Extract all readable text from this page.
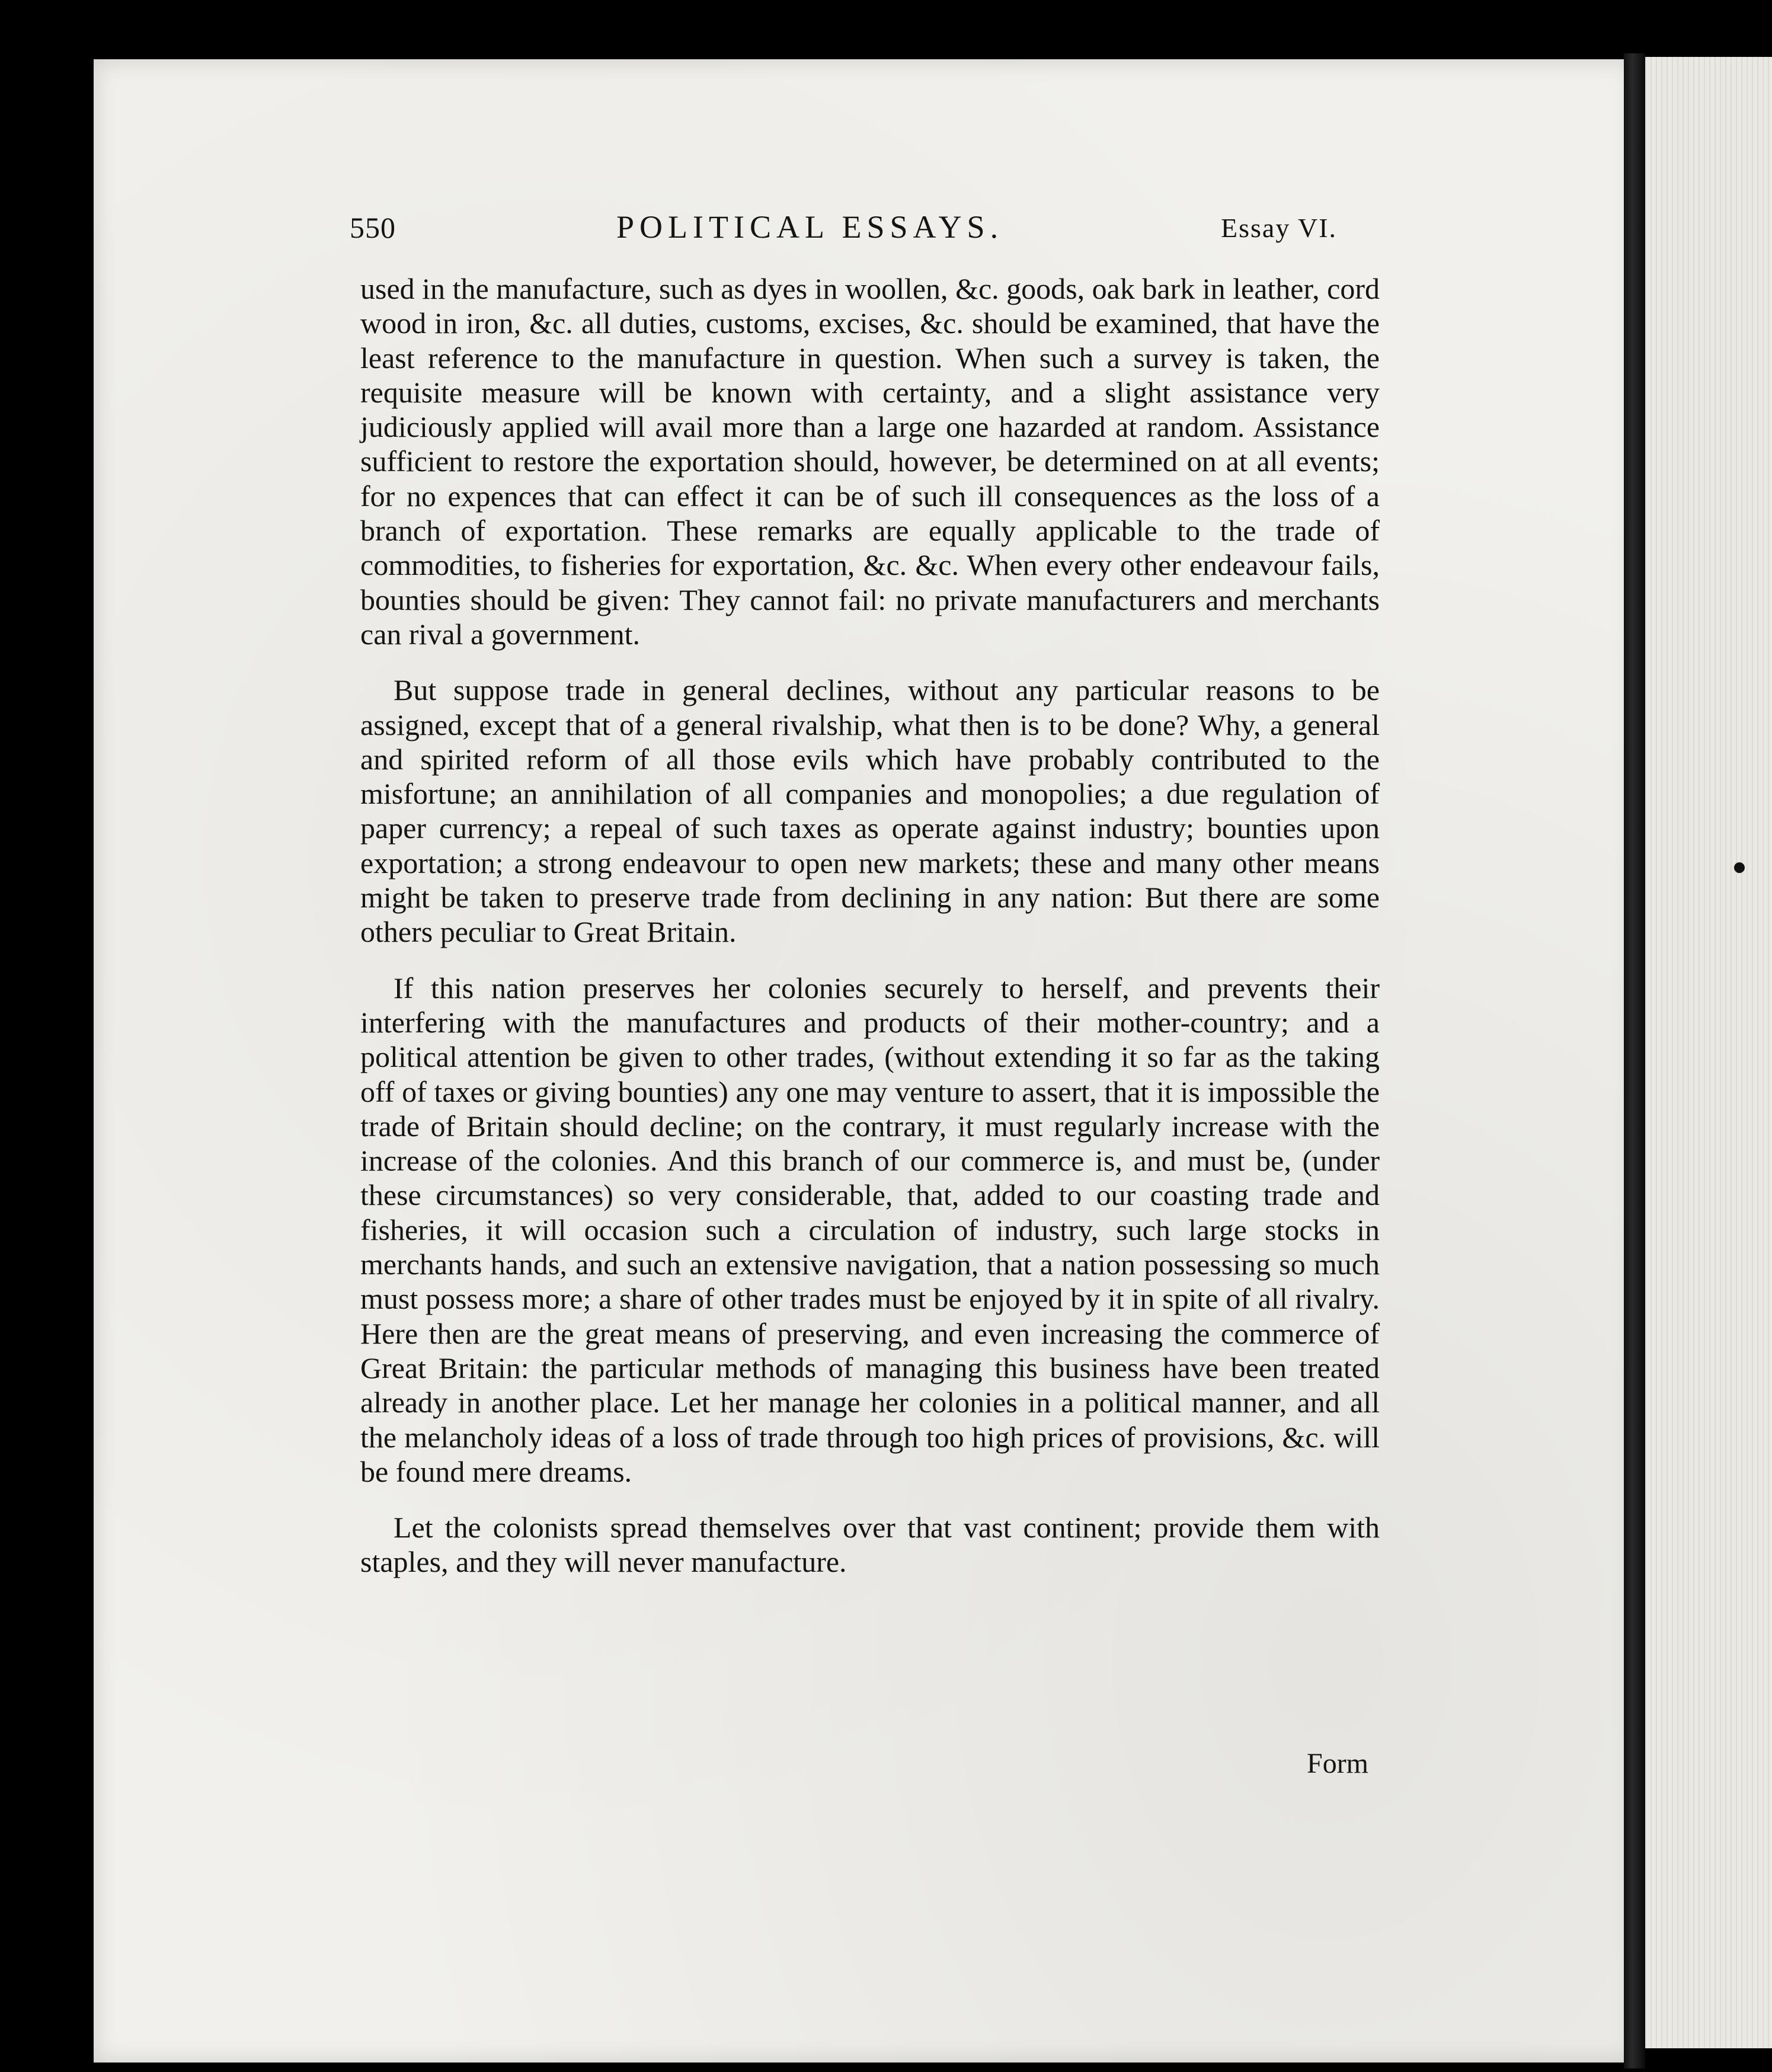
550	POLITICAL ESSAYS.	Essay VI.

used in the manufacture, such as dyes in woollen, &c. goods, oak bark in leather, cord wood in iron, &c. all duties, customs, excises, &c. should be examined, that have the least reference to the manufacture in question. When such a survey is taken, the requisite measure will be known with certainty, and a slight assistance very judiciously applied will avail more than a large one hazarded at random. Assistance sufficient to restore the exportation should, however, be determined on at all events; for no expences that can effect it can be of such ill consequences as the loss of a branch of exportation. These remarks are equally applicable to the trade of commodities, to fisheries for exportation, &c. &c. When every other endeavour fails, bounties should be given: They cannot fail: no private manufacturers and merchants can rival a government.

But suppose trade in general declines, without any particular reasons to be assigned, except that of a general rivalship, what then is to be done? Why, a general and spirited reform of all those evils which have probably contributed to the misfortune; an annihilation of all companies and monopolies; a due regulation of paper currency; a repeal of such taxes as operate against industry; bounties upon exportation; a strong endeavour to open new markets; these and many other means might be taken to preserve trade from declining in any nation: But there are some others peculiar to Great Britain.

If this nation preserves her colonies securely to herself, and prevents their interfering with the manufactures and products of their mother-country; and a political attention be given to other trades, (without extending it so far as the taking off of taxes or giving bounties) any one may venture to assert, that it is impossible the trade of Britain should decline; on the contrary, it must regularly increase with the increase of the colonies. And this branch of our commerce is, and must be, (under these circumstances) so very considerable, that, added to our coasting trade and fisheries, it will occasion such a circulation of industry, such large stocks in merchants hands, and such an extensive navigation, that a nation possessing so much must possess more; a share of other trades must be enjoyed by it in spite of all rivalry. Here then are the great means of preserving, and even increasing the commerce of Great Britain: the particular methods of managing this business have been treated already in another place. Let her manage her colonies in a political manner, and all the melancholy ideas of a loss of trade through too high prices of provisions, &c. will be found mere dreams.

Let the colonists spread themselves over that vast continent; provide them with staples, and they will never manufacture.

Form
